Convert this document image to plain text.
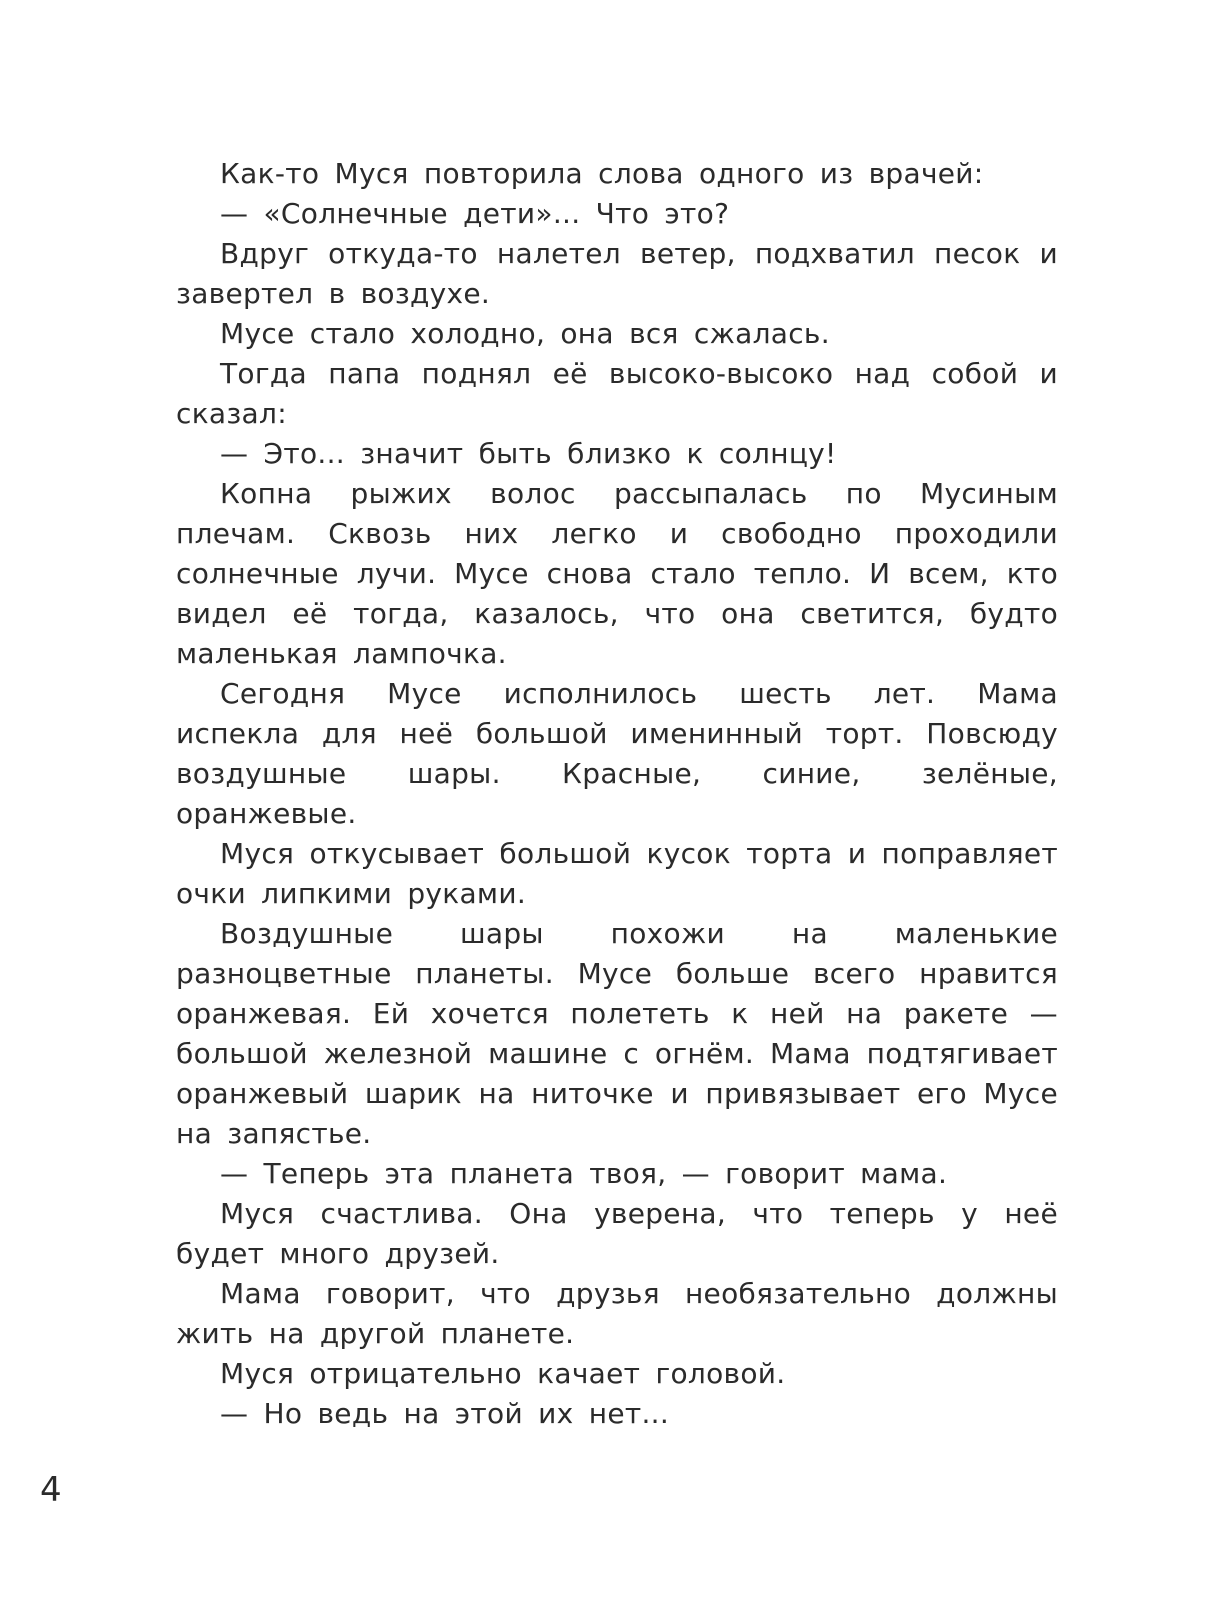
Как-то Муся повторила слова одного из врачей:

— «Солнечные дети»... Что это?

Вдруг откуда-то налетел ветер, подхватил песок и завертел в воздухе.

Мусе стало холодно, она вся сжалась.

Тогда папа поднял её высоко-высоко над собой и сказал:

— Это... значит быть близко к солнцу!

Копна рыжих волос рассыпалась по Мусиным плечам. Сквозь них легко и свободно проходили солнечные лучи. Мусе снова стало тепло. И всем, кто видел её тогда, казалось, что она светится, будто маленькая лампочка.

Сегодня Мусе исполнилось шесть лет. Мама испекла для неё большой именинный торт. Повсюду воздушные шары. Красные, синие, зелёные, оранжевые.

Муся откусывает большой кусок торта и поправляет очки липкими руками.

Воздушные шары похожи на маленькие разноцветные планеты. Мусе больше всего нравится оранжевая. Ей хочется полететь к ней на ракете — большой железной машине с огнём. Мама подтягивает оранжевый шарик на ниточке и привязывает его Мусе на запястье.

— Теперь эта планета твоя, — говорит мама.

Муся счастлива. Она уверена, что теперь у неё будет много друзей.

Мама говорит, что друзья необязательно должны жить на другой планете.

Муся отрицательно качает головой.

— Но ведь на этой их нет...

4
